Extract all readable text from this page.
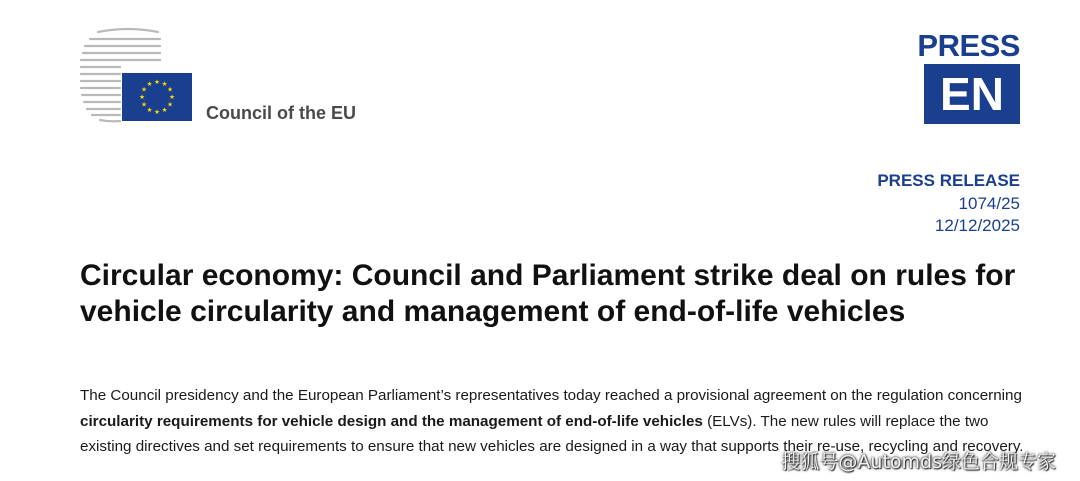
★ ★
★
★
★
★
★
★
★
★
★
★
Council of the EU
PRESS
EN
PRESS RELEASE
1074/25
12/12/2025
Circular economy: Council and Parliament strike deal on rules for vehicle circularity and management of end-of-life vehicles

The Council presidency and the European Parliament’s representatives today reached a provisional agreement on the regulation concerning circularity requirements for vehicle design and the management of end-of-life vehicles (ELVs). The new rules will replace the two existing directives and set requirements to ensure that new vehicles are designed in a way that supports their re-use, recycling and recovery.

搜狐号@Automds绿色合规专家
